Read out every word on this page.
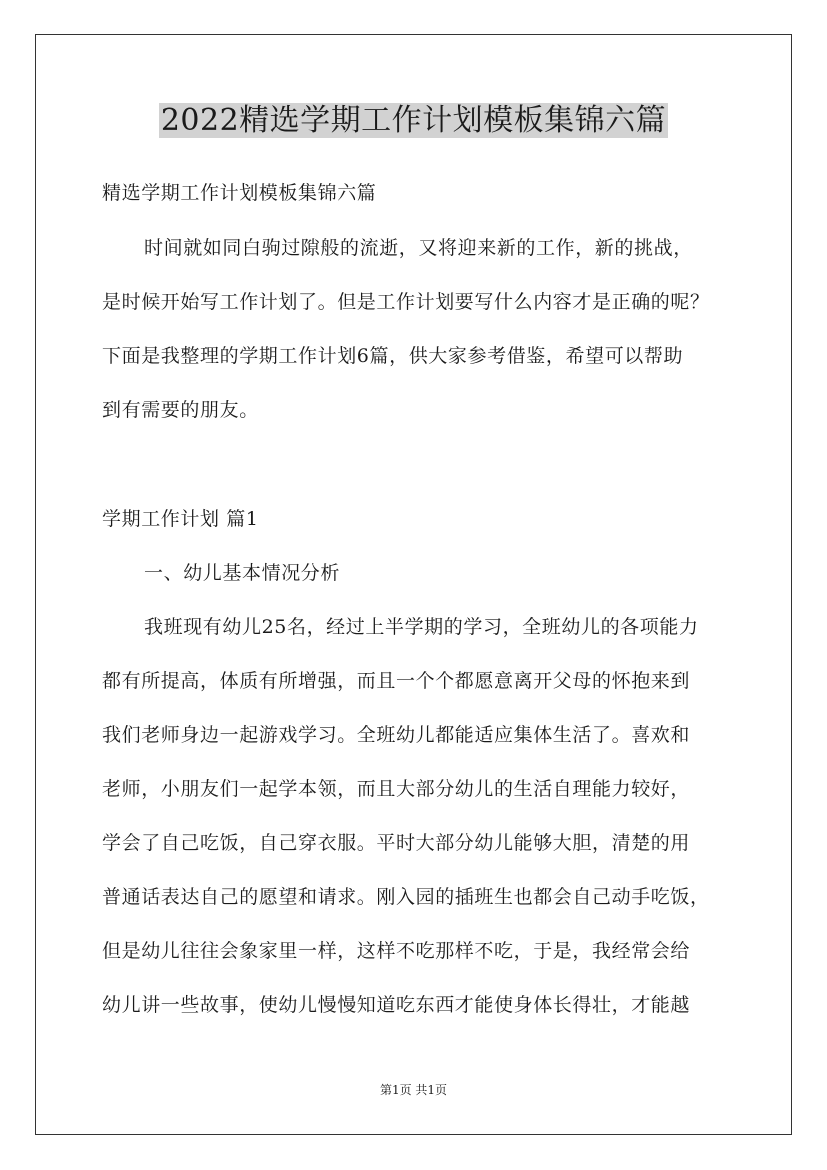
2022精选学期工作计划模板集锦六篇

精选学期工作计划模板集锦六篇

时间就如同白驹过隙般的流逝，又将迎来新的工作，新的挑战，

是时候开始写工作计划了。但是工作计划要写什么内容才是正确的呢？

下面是我整理的学期工作计划6篇，供大家参考借鉴，希望可以帮助

到有需要的朋友。

学期工作计划 篇1

一、幼儿基本情况分析

我班现有幼儿25名，经过上半学期的学习，全班幼儿的各项能力

都有所提高，体质有所增强，而且一个个都愿意离开父母的怀抱来到

我们老师身边一起游戏学习。全班幼儿都能适应集体生活了。喜欢和

老师，小朋友们一起学本领，而且大部分幼儿的生活自理能力较好，

学会了自己吃饭，自己穿衣服。平时大部分幼儿能够大胆，清楚的用

普通话表达自己的愿望和请求。刚入园的插班生也都会自己动手吃饭，

但是幼儿往往会象家里一样，这样不吃那样不吃，于是，我经常会给

幼儿讲一些故事，使幼儿慢慢知道吃东西才能使身体长得壮，才能越

第1页 共1页
